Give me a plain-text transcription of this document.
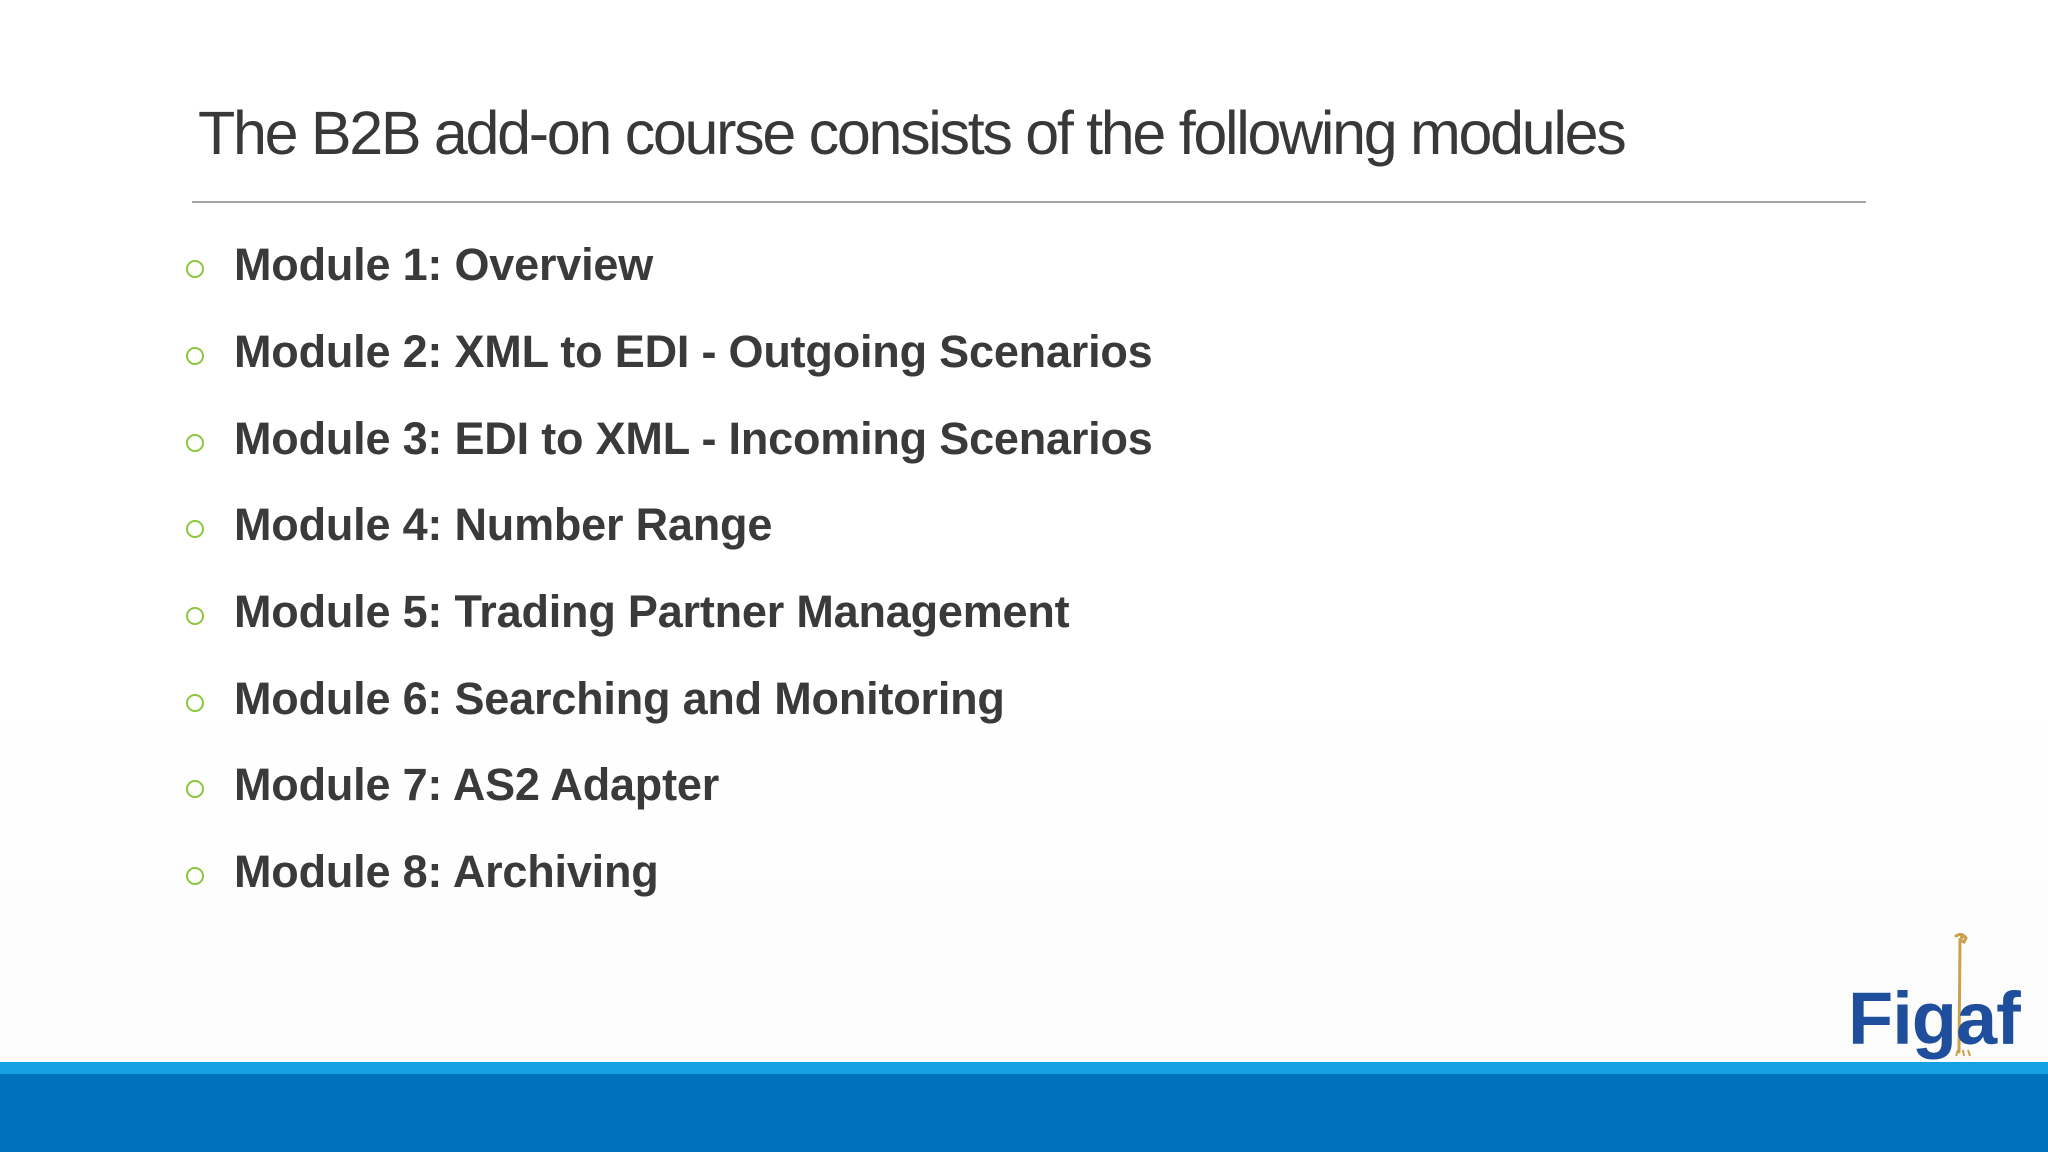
The B2B add-on course consists of the following modules
Module 1: Overview
Module 2: XML to EDI - Outgoing Scenarios
Module 3: EDI to XML - Incoming Scenarios
Module 4: Number Range
Module 5: Trading Partner Management
Module 6: Searching and Monitoring
Module 7: AS2 Adapter
Module 8: Archiving
Figaf
